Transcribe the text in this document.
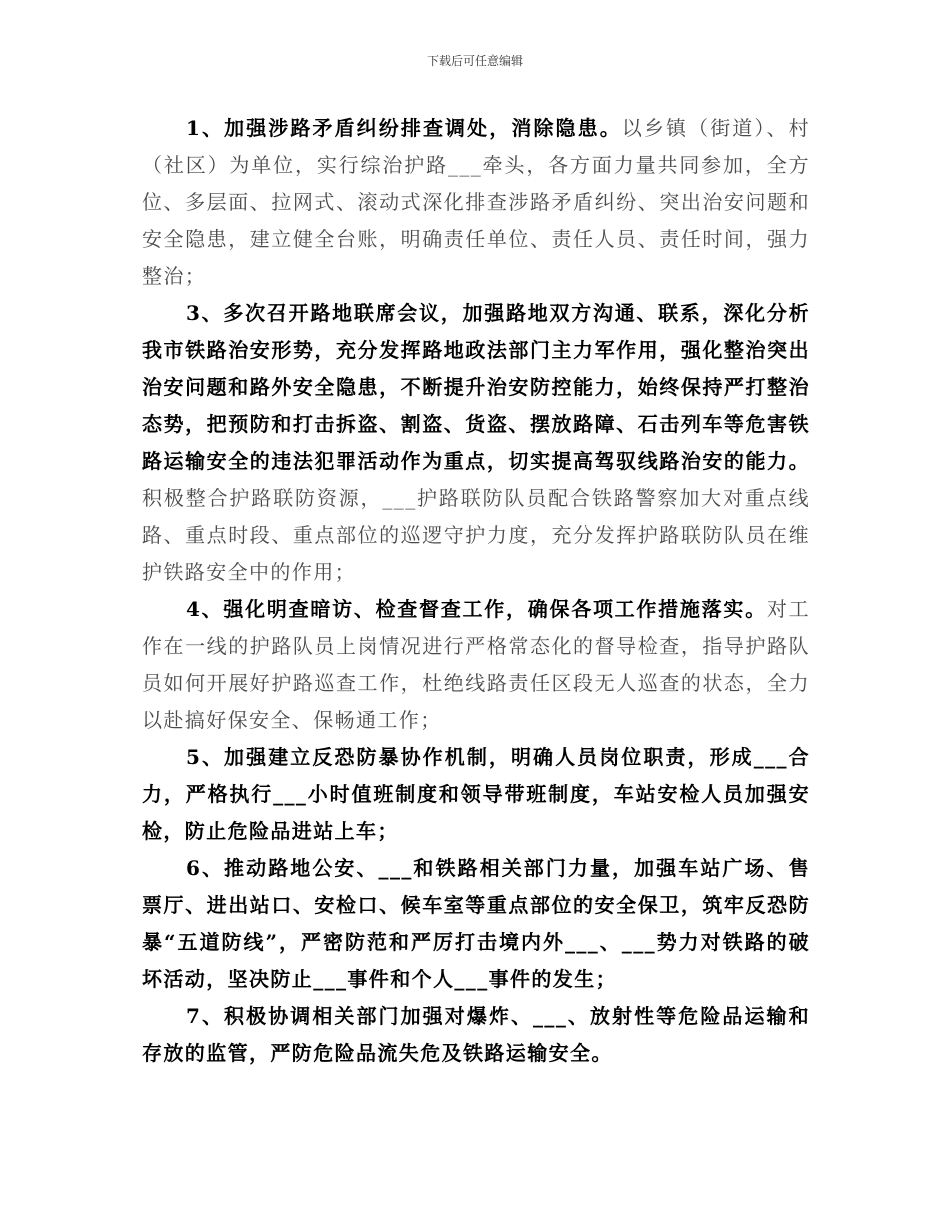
下载后可任意编辑

1、加强涉路矛盾纠纷排查调处，消除隐患。以乡镇（街道）、村（社区）为单位，实行综治护路___牵头，各方面力量共同参加，全方位、多层面、拉网式、滚动式深化排查涉路矛盾纠纷、突出治安问题和安全隐患，建立健全台账，明确责任单位、责任人员、责任时间，强力整治；

3、多次召开路地联席会议，加强路地双方沟通、联系，深化分析我市铁路治安形势，充分发挥路地政法部门主力军作用，强化整治突出治安问题和路外安全隐患，不断提升治安防控能力，始终保持严打整治态势，把预防和打击拆盗、割盗、货盗、摆放路障、石击列车等危害铁路运输安全的违法犯罪活动作为重点，切实提高驾驭线路治安的能力。积极整合护路联防资源，___护路联防队员配合铁路警察加大对重点线路、重点时段、重点部位的巡逻守护力度，充分发挥护路联防队员在维护铁路安全中的作用；

4、强化明查暗访、检查督查工作，确保各项工作措施落实。对工作在一线的护路队员上岗情况进行严格常态化的督导检查，指导护路队员如何开展好护路巡查工作，杜绝线路责任区段无人巡查的状态，全力以赴搞好保安全、保畅通工作；

5、加强建立反恐防暴协作机制，明确人员岗位职责，形成___合力，严格执行___小时值班制度和领导带班制度，车站安检人员加强安检，防止危险品进站上车；

6、推动路地公安、___和铁路相关部门力量，加强车站广场、售票厅、进出站口、安检口、候车室等重点部位的安全保卫，筑牢反恐防暴“五道防线”，严密防范和严厉打击境内外___、___势力对铁路的破坏活动，坚决防止___事件和个人___事件的发生；

7、积极协调相关部门加强对爆炸、___、放射性等危险品运输和存放的监管，严防危险品流失危及铁路运输安全。
